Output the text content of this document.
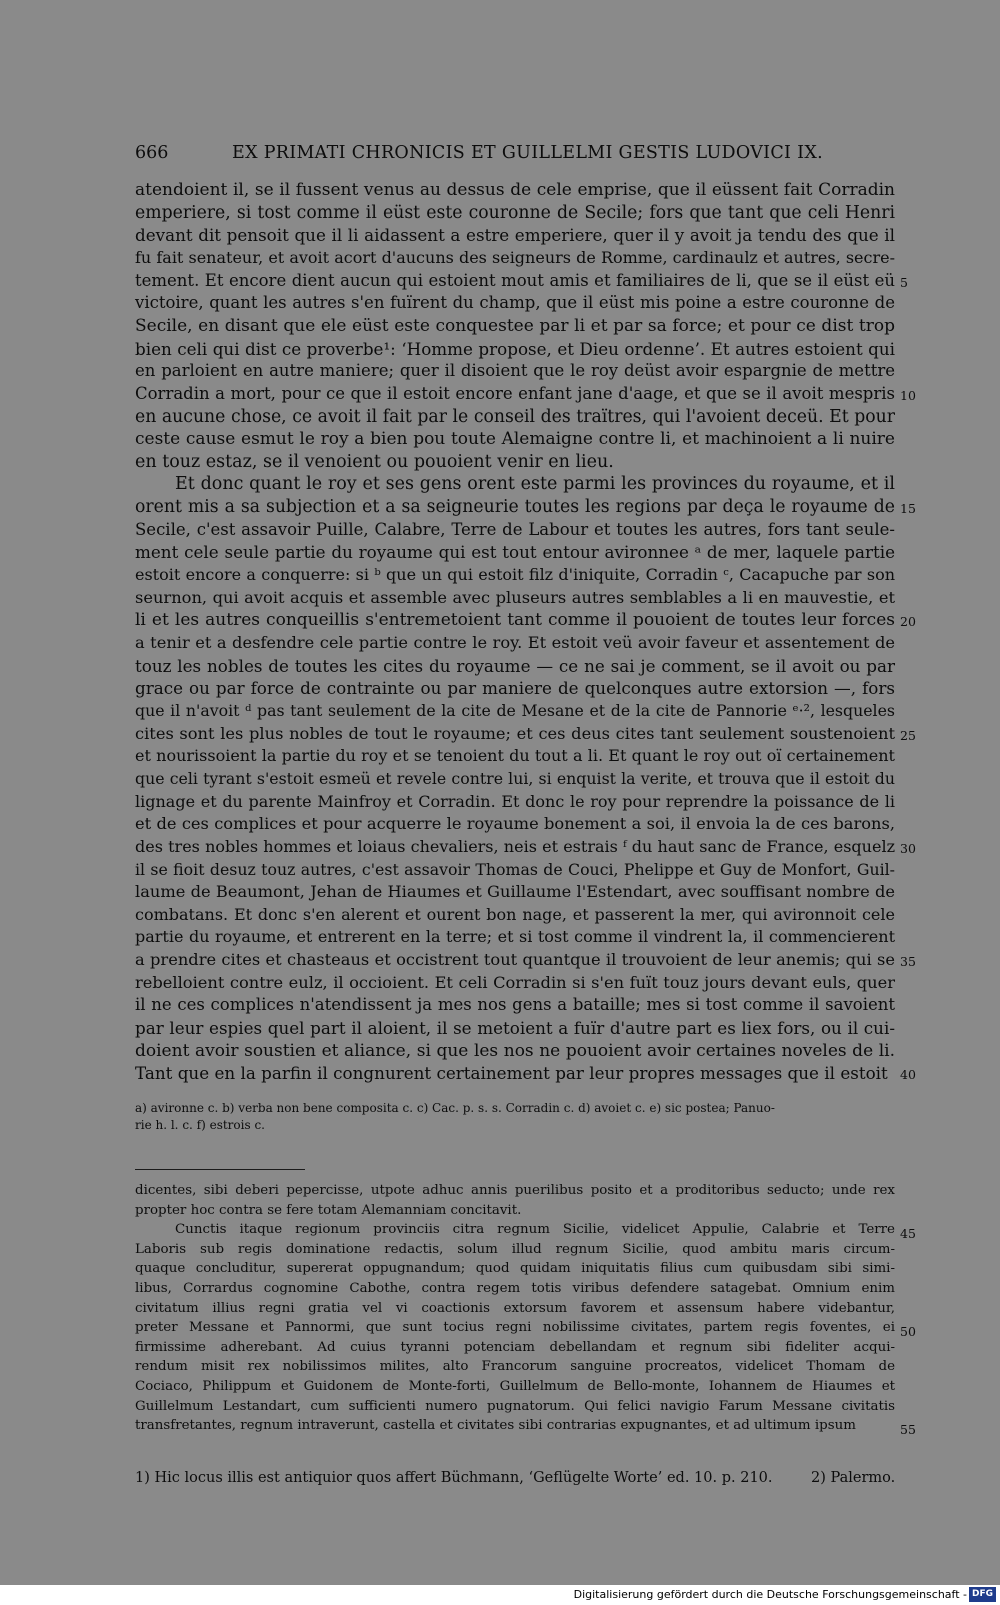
666	EX PRIMATI CHRONICIS ET GUILLELMI GESTIS LUDOVICI IX.
atendoient il, se il fussent venus au dessus de cele emprise, que il eüssent fait Corradin
emperiere, si tost comme il eüst este couronne de Secile; fors que tant que celi Henri
devant dit pensoit que il li aidassent a estre emperiere, quer il y avoit ja tendu des que il
fu fait senateur, et avoit acort d'aucuns des seigneurs de Romme, cardinaulz et autres, secre-
tement. Et encore dient aucun qui estoient mout amis et familiaires de li, que se il eüst eü
victoire, quant les autres s'en fuïrent du champ, que il eüst mis poine a estre couronne de
Secile, en disant que ele eüst este conquestee par li et par sa force; et pour ce dist trop
bien celi qui dist ce proverbe¹: ‘Homme propose, et Dieu ordenne’. Et autres estoient qui
en parloient en autre maniere; quer il disoient que le roy deüst avoir espargnie de mettre
Corradin a mort, pour ce que il estoit encore enfant jane d'aage, et que se il avoit mespris
en aucune chose, ce avoit il fait par le conseil des traïtres, qui l'avoient deceü. Et pour
ceste cause esmut le roy a bien pou toute Alemaigne contre li, et machinoient a li nuire
en touz estaz, se il venoient ou pouoient venir en lieu.
Et donc quant le roy et ses gens orent este parmi les provinces du royaume, et il
orent mis a sa subjection et a sa seigneurie toutes les regions par deça le royaume de
Secile, c'est assavoir Puille, Calabre, Terre de Labour et toutes les autres, fors tant seule-
ment cele seule partie du royaume qui est tout entour avironnee ᵃ de mer, laquele partie
estoit encore a conquerre: si ᵇ que un qui estoit filz d'iniquite, Corradin ᶜ, Cacapuche par son
seurnon, qui avoit acquis et assemble avec pluseurs autres semblables a li en mauvestie, et
li et les autres conqueillis s'entremetoient tant comme il pouoient de toutes leur forces
a tenir et a desfendre cele partie contre le roy. Et estoit veü avoir faveur et assentement de
touz les nobles de toutes les cites du royaume — ce ne sai je comment, se il avoit ou par
grace ou par force de contrainte ou par maniere de quelconques autre extorsion —, fors
que il n'avoit ᵈ pas tant seulement de la cite de Mesane et de la cite de Pannorie ᵉ·², lesqueles
cites sont les plus nobles de tout le royaume; et ces deus cites tant seulement soustenoient
et nourissoient la partie du roy et se tenoient du tout a li. Et quant le roy out oï certainement
que celi tyrant s'estoit esmeü et revele contre lui, si enquist la verite, et trouva que il estoit du
lignage et du parente Mainfroy et Corradin. Et donc le roy pour reprendre la poissance de li
et de ces complices et pour acquerre le royaume bonement a soi, il envoia la de ces barons,
des tres nobles hommes et loiaus chevaliers, neis et estrais ᶠ du haut sanc de France, esquelz
il se fioit desuz touz autres, c'est assavoir Thomas de Couci, Phelippe et Guy de Monfort, Guil-
laume de Beaumont, Jehan de Hiaumes et Guillaume l'Estendart, avec souffisant nombre de
combatans. Et donc s'en alerent et ourent bon nage, et passerent la mer, qui avironnoit cele
partie du royaume, et entrerent en la terre; et si tost comme il vindrent la, il commencierent
a prendre cites et chasteaus et occistrent tout quantque il trouvoient de leur anemis; qui se
rebelloient contre eulz, il occioient. Et celi Corradin si s'en fuït touz jours devant euls, quer
il ne ces complices n'atendissent ja mes nos gens a bataille; mes si tost comme il savoient
par leur espies quel part il aloient, il se metoient a fuïr d'autre part es liex fors, ou il cui-
doient avoir soustien et aliance, si que les nos ne pouoient avoir certaines noveles de li.
Tant que en la parfin il congnurent certainement par leur propres messages que il estoit
5
10
15
20
25
30
35
40
a) avironne c. b) verba non bene composita c. c) Cac. p. s. s. Corradin c. d) avoiet c. e) sic postea; Panuo-
rie h. l. c. f) estrois c.
dicentes, sibi deberi pepercisse, utpote adhuc annis puerilibus posito et a proditoribus seducto; unde rex
propter hoc contra se fere totam Alemanniam concitavit.
Cunctis itaque regionum provinciis citra regnum Sicilie, videlicet Appulie, Calabrie et Terre
Laboris sub regis dominatione redactis, solum illud regnum Sicilie, quod ambitu maris circum-
quaque concluditur, supererat oppugnandum; quod quidam iniquitatis filius cum quibusdam sibi simi-
libus, Corrardus cognomine Cabothe, contra regem totis viribus defendere satagebat. Omnium enim
civitatum illius regni gratia vel vi coactionis extorsum favorem et assensum habere videbantur,
preter Messane et Pannormi, que sunt tocius regni nobilissime civitates, partem regis foventes, ei
firmissime adherebant. Ad cuius tyranni potenciam debellandam et regnum sibi fideliter acqui-
rendum misit rex nobilissimos milites, alto Francorum sanguine procreatos, videlicet Thomam de
Cociaco, Philippum et Guidonem de Monte-forti, Guillelmum de Bello-monte, Iohannem de Hiaumes et
Guillelmum Lestandart, cum sufficienti numero pugnatorum. Qui felici navigio Farum Messane civitatis
transfretantes, regnum intraverunt, castella et civitates sibi contrarias expugnantes, et ad ultimum ipsum
45
50
55
1) Hic locus illis est antiquior quos affert Büchmann, ‘Geflügelte Worte’ ed. 10. p. 210.	2) Palermo.
Digitalisierung gefördert durch die Deutsche Forschungsgemeinschaft - DFG
